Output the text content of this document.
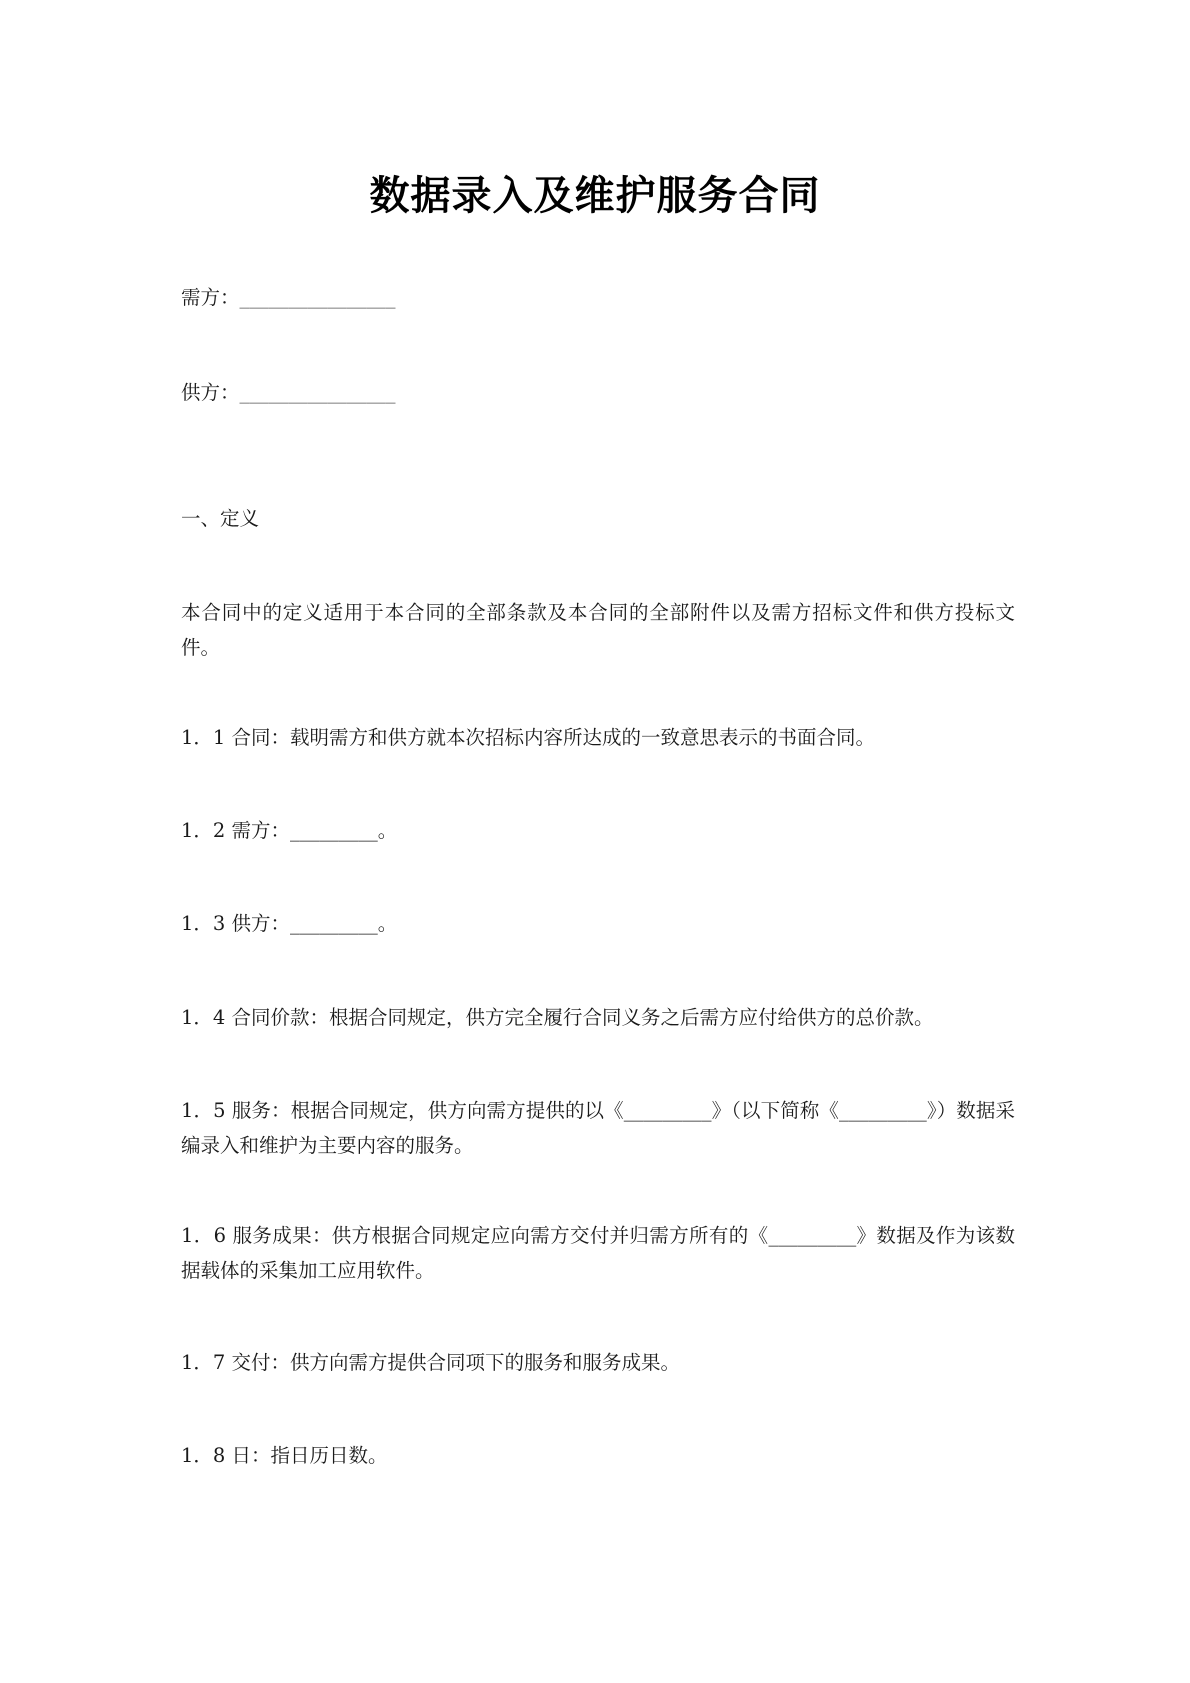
数据录入及维护服务合同
需方：________________
供方：________________
一、定义
本合同中的定义适用于本合同的全部条款及本合同的全部附件以及需方招标文件和供方投标文件。
1．1 合同：载明需方和供方就本次招标内容所达成的一致意思表示的书面合同。
1．2 需方：_________。
1．3 供方：_________。
1．4 合同价款：根据合同规定，供方完全履行合同义务之后需方应付给供方的总价款。
1．5 服务：根据合同规定，供方向需方提供的以《_________》（以下简称《_________》）数据采编录入和维护为主要内容的服务。
1．6 服务成果：供方根据合同规定应向需方交付并归需方所有的《_________》数据及作为该数据载体的采集加工应用软件。
1．7 交付：供方向需方提供合同项下的服务和服务成果。
1．8 日：指日历日数。
